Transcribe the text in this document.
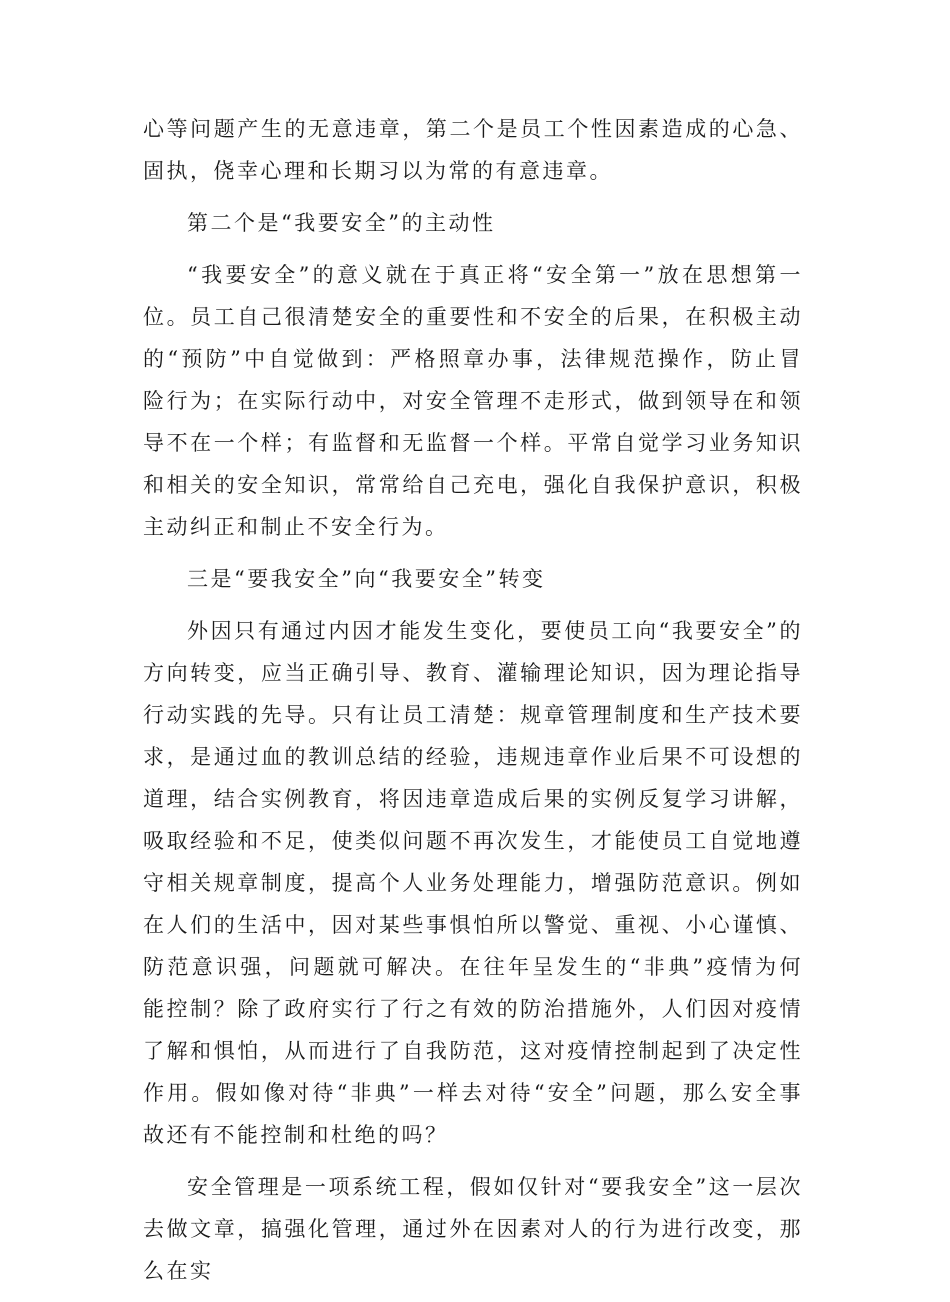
心等问题产生的无意违章，第二个是员工个性因素造成的心急、固执，侥幸心理和长期习以为常的有意违章。

第二个是“我要安全”的主动性

“我要安全”的意义就在于真正将“安全第一”放在思想第一位。员工自己很清楚安全的重要性和不安全的后果，在积极主动的“预防”中自觉做到：严格照章办事，法律规范操作，防止冒险行为；在实际行动中，对安全管理不走形式，做到领导在和领导不在一个样；有监督和无监督一个样。平常自觉学习业务知识和相关的安全知识，常常给自己充电，强化自我保护意识，积极主动纠正和制止不安全行为。

三是“要我安全”向“我要安全”转变

外因只有通过内因才能发生变化，要使员工向“我要安全”的方向转变，应当正确引导、教育、灌输理论知识，因为理论指导行动实践的先导。只有让员工清楚：规章管理制度和生产技术要求，是通过血的教训总结的经验，违规违章作业后果不可设想的道理，结合实例教育，将因违章造成后果的实例反复学习讲解，吸取经验和不足，使类似问题不再次发生，才能使员工自觉地遵守相关规章制度，提高个人业务处理能力，增强防范意识。例如在人们的生活中，因对某些事惧怕所以警觉、重视、小心谨慎、防范意识强，问题就可解决。在往年呈发生的“非典”疫情为何能控制？除了政府实行了行之有效的防治措施外，人们因对疫情了解和惧怕，从而进行了自我防范，这对疫情控制起到了决定性作用。假如像对待“非典”一样去对待“安全”问题，那么安全事故还有不能控制和杜绝的吗？

安全管理是一项系统工程，假如仅针对“要我安全”这一层次去做文章，搞强化管理，通过外在因素对人的行为进行改变，那么在实
